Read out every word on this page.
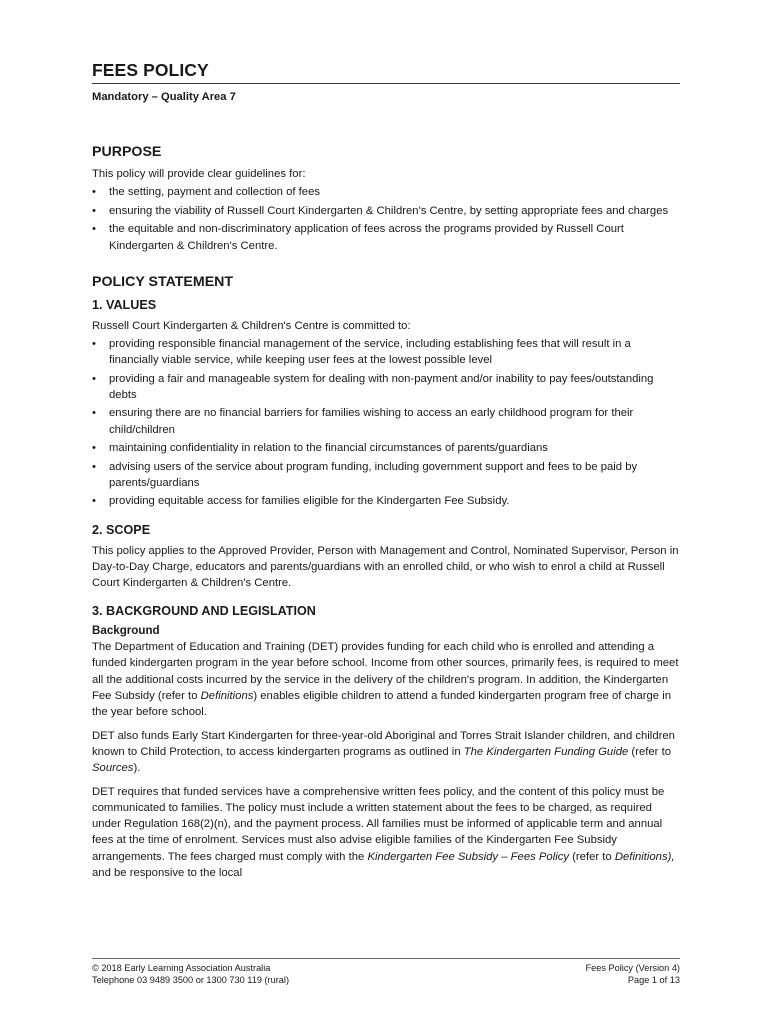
FEES POLICY

Mandatory – Quality Area 7

PURPOSE

This policy will provide clear guidelines for:

• the setting, payment and collection of fees
• ensuring the viability of Russell Court Kindergarten & Children's Centre, by setting appropriate fees and charges
• the equitable and non-discriminatory application of fees across the programs provided by Russell Court Kindergarten & Children's Centre.
POLICY STATEMENT
1. VALUES

Russell Court Kindergarten & Children's Centre is committed to:

• providing responsible financial management of the service, including establishing fees that will result in a financially viable service, while keeping user fees at the lowest possible level
• providing a fair and manageable system for dealing with non-payment and/or inability to pay fees/outstanding debts
• ensuring there are no financial barriers for families wishing to access an early childhood program for their child/children
• maintaining confidentiality in relation to the financial circumstances of parents/guardians
• advising users of the service about program funding, including government support and fees to be paid by parents/guardians
• providing equitable access for families eligible for the Kindergarten Fee Subsidy.
2. SCOPE

This policy applies to the Approved Provider, Person with Management and Control, Nominated Supervisor, Person in Day-to-Day Charge, educators and parents/guardians with an enrolled child, or who wish to enrol a child at Russell Court Kindergarten & Children's Centre.

3. BACKGROUND AND LEGISLATION
Background

The Department of Education and Training (DET) provides funding for each child who is enrolled and attending a funded kindergarten program in the year before school. Income from other sources, primarily fees, is required to meet all the additional costs incurred by the service in the delivery of the children's program. In addition, the Kindergarten Fee Subsidy (refer to Definitions) enables eligible children to attend a funded kindergarten program free of charge in the year before school.

DET also funds Early Start Kindergarten for three-year-old Aboriginal and Torres Strait Islander children, and children known to Child Protection, to access kindergarten programs as outlined in The Kindergarten Funding Guide (refer to Sources).

DET requires that funded services have a comprehensive written fees policy, and the content of this policy must be communicated to families. The policy must include a written statement about the fees to be charged, as required under Regulation 168(2)(n), and the payment process. All families must be informed of applicable term and annual fees at the time of enrolment. Services must also advise eligible families of the Kindergarten Fee Subsidy arrangements. The fees charged must comply with the Kindergarten Fee Subsidy – Fees Policy (refer to Definitions), and be responsive to the local

© 2018 Early Learning Association Australia
Telephone 03 9489 3500 or 1300 730 119 (rural)
Fees Policy (Version 4)
Page 1 of 13
